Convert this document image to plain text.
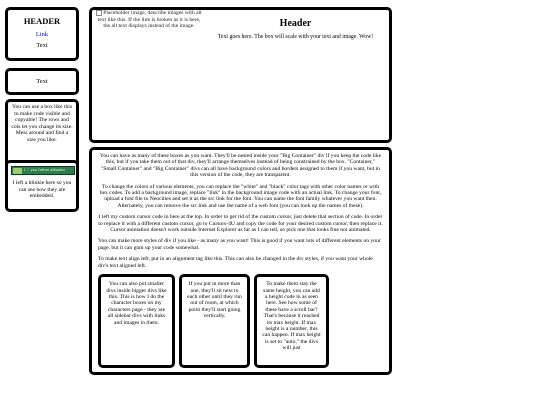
HEADER
Link
Text
Text
You can use a box like this to make code visible and copyable! The rows and cols let you change its size. Mess around and find a size you like.
I ♡ you father alligator
I left a blinkie here so you can see how they are embedded.
Placeholder image, describe images with alt text like this. If the link is broken as it is here, the alt text displays instead of the image.	Header
Text goes here. The box will scale with your text and image. Wow!

You can have as many of these boxes as you want. They'll be nested inside your "Big Container" div if you keep the code like this, but if you take them out of that div, they'll arrange themselves instead of being constrained by the box. "Container," "Small Container" and "Big Container" divs can all have background colors and borders assigned to them if you want, but in this version of the code, they are transparent.

To change the colors of various elements, you can replace the "white" and "black" color tags with other color names or with hex codes. To add a background image, replace "link" in the background image code with an actual link. To change your font, upload a font file to Neocities and set it as the src link for the font. You can name the font family whatever you want then. Alternately, you can remove the src link and use the name of a web font (you can look up the names of these).

I left my custom cursor code in here at the top. In order to get rid of the custom cursor, just delete that section of code. In order to replace it with a different custom cursor, go to Cursors-4U and copy the code for your desired custom cursor, then replace it. Cursor animation doesn't work outside Internet Explorer as far as I can tell, so pick one that looks fine not animated.

You can make more styles of div if you like - as many as you want! This is good if you want lots of different elements on your page, but it can gum up your code somewhat.

To make text align left, put in an alignment tag like this. This can also be changed in the div styles, if you want your whole div's text aligned left.

You can also put smaller divs inside bigger divs like this. This is how I do the character boxes on my characters page - they are all sidebar divs with links and images in them.
If you put in more than one, they'll sit next to each other until they run out of room, at which point they'll start going vertically.
To make them stay the same height, you can add a height code in as seen here. See how some of these have a scroll bar? That's because it reached its max height. If max height is a number, this can happen. If max height is set to "auto," the divs will just
